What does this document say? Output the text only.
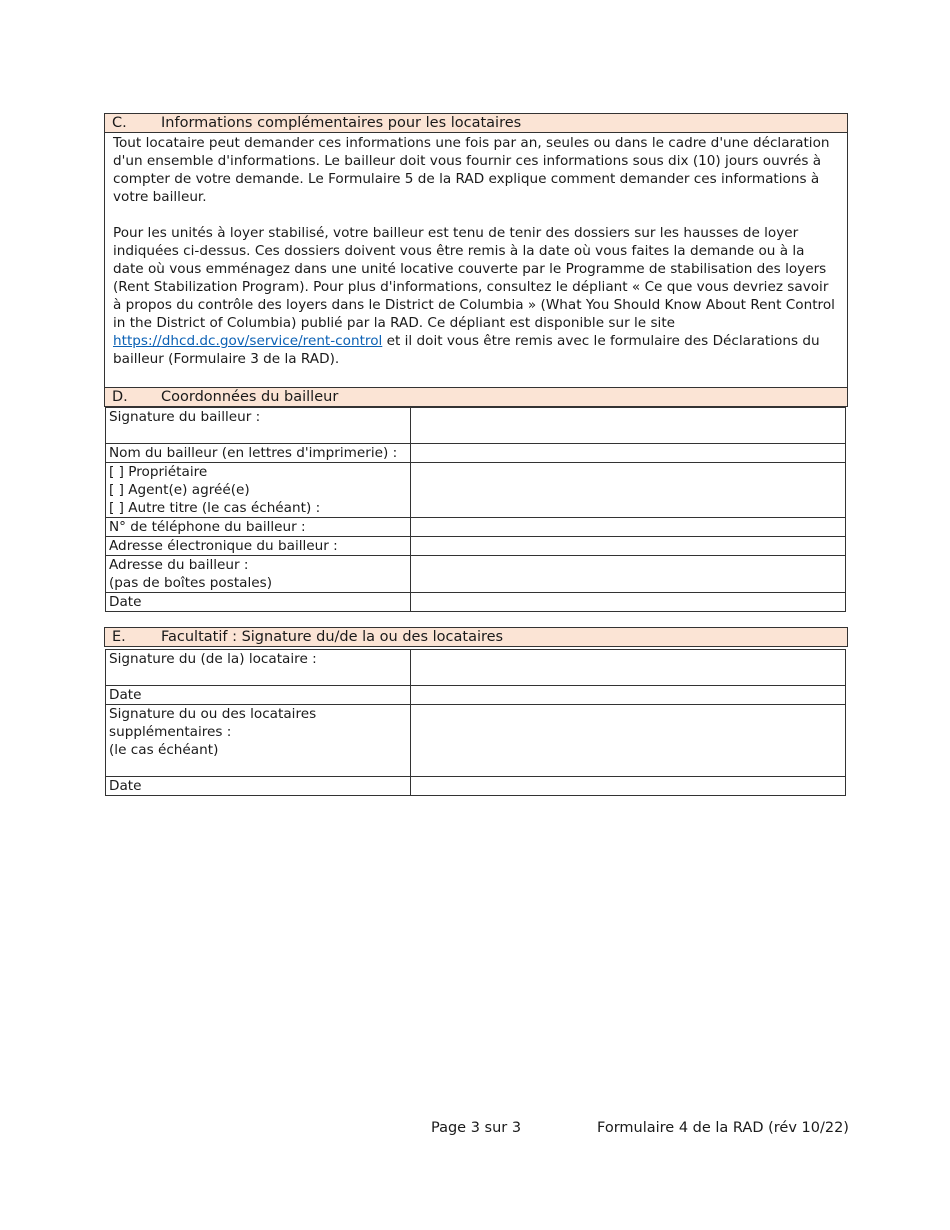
C. Informations complémentaires pour les locataires

Tout locataire peut demander ces informations une fois par an, seules ou dans le cadre d'une déclaration d'un ensemble d'informations. Le bailleur doit vous fournir ces informations sous dix (10) jours ouvrés à compter de votre demande. Le Formulaire 5 de la RAD explique comment demander ces informations à votre bailleur.

Pour les unités à loyer stabilisé, votre bailleur est tenu de tenir des dossiers sur les hausses de loyer indiquées ci-dessus. Ces dossiers doivent vous être remis à la date où vous faites la demande ou à la date où vous emménagez dans une unité locative couverte par le Programme de stabilisation des loyers (Rent Stabilization Program). Pour plus d'informations, consultez le dépliant « Ce que vous devriez savoir à propos du contrôle des loyers dans le District de Columbia » (What You Should Know About Rent Control in the District of Columbia) publié par la RAD. Ce dépliant est disponible sur le site https://dhcd.dc.gov/service/rent-control et il doit vous être remis avec le formulaire des Déclarations du bailleur (Formulaire 3 de la RAD).

D. Coordonnées du bailleur
Signature du bailleur :	
Nom du bailleur (en lettres d'imprimerie) :	
[ ] Propriétaire
[ ] Agent(e) agréé(e)
[ ] Autre titre (le cas échéant) :	
N° de téléphone du bailleur :	
Adresse électronique du bailleur :	
Adresse du bailleur :
(pas de boîtes postales)	
Date	
E. Facultatif : Signature du/de la ou des locataires
Signature du (de la) locataire :	
Date	
Signature du ou des locataires supplémentaires :
(le cas échéant)	
Date	
Page 3 sur 3	Formulaire 4 de la RAD (rév 10/22)
